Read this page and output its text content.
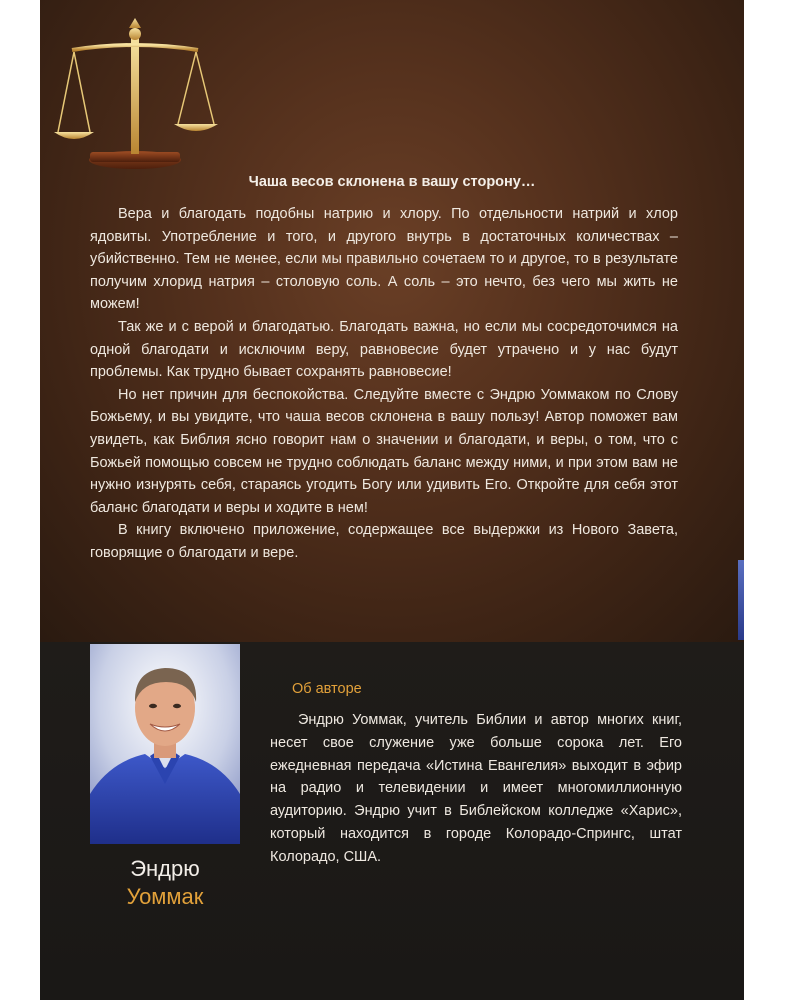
Чаша весов склонена в вашу сторону…

Вера и благодать подобны натрию и хлору. По отдельности натрий и хлор ядовиты. Употребление и того, и другого внутрь в достаточных количествах – убийственно. Тем не менее, если мы правильно сочетаем то и другое, то в результате получим хлорид натрия – столовую соль. А соль – это нечто, без чего мы жить не можем!

Так же и с верой и благодатью. Благодать важна, но если мы сосредоточимся на одной благодати и исключим веру, равновесие будет утрачено и у нас будут проблемы. Как трудно бывает сохранять равновесие!

Но нет причин для беспокойства. Следуйте вместе с Эндрю Уоммаком по Слову Божьему, и вы увидите, что чаша весов склонена в вашу пользу! Автор поможет вам увидеть, как Библия ясно говорит нам о значении и благодати, и веры, о том, что с Божьей помощью совсем не трудно соблюдать баланс между ними, и при этом вам не нужно изнурять себя, стараясь угодить Богу или удивить Его. Откройте для себя этот баланс благодати и веры и ходите в нем!

В книгу включено приложение, содержащее все выдержки из Нового Завета, говорящие о благодати и вере.

Эндрю
Уоммак
Об авторе

Эндрю Уоммак, учитель Библии и автор многих книг, несет свое служение уже больше сорока лет. Его ежедневная передача «Истина Евангелия» выходит в эфир на радио и телевидении и имеет многомиллионную аудиторию. Эндрю учит в Библейском колледже «Харис», который находится в городе Колорадо-Спрингс, штат Колорадо, США.
